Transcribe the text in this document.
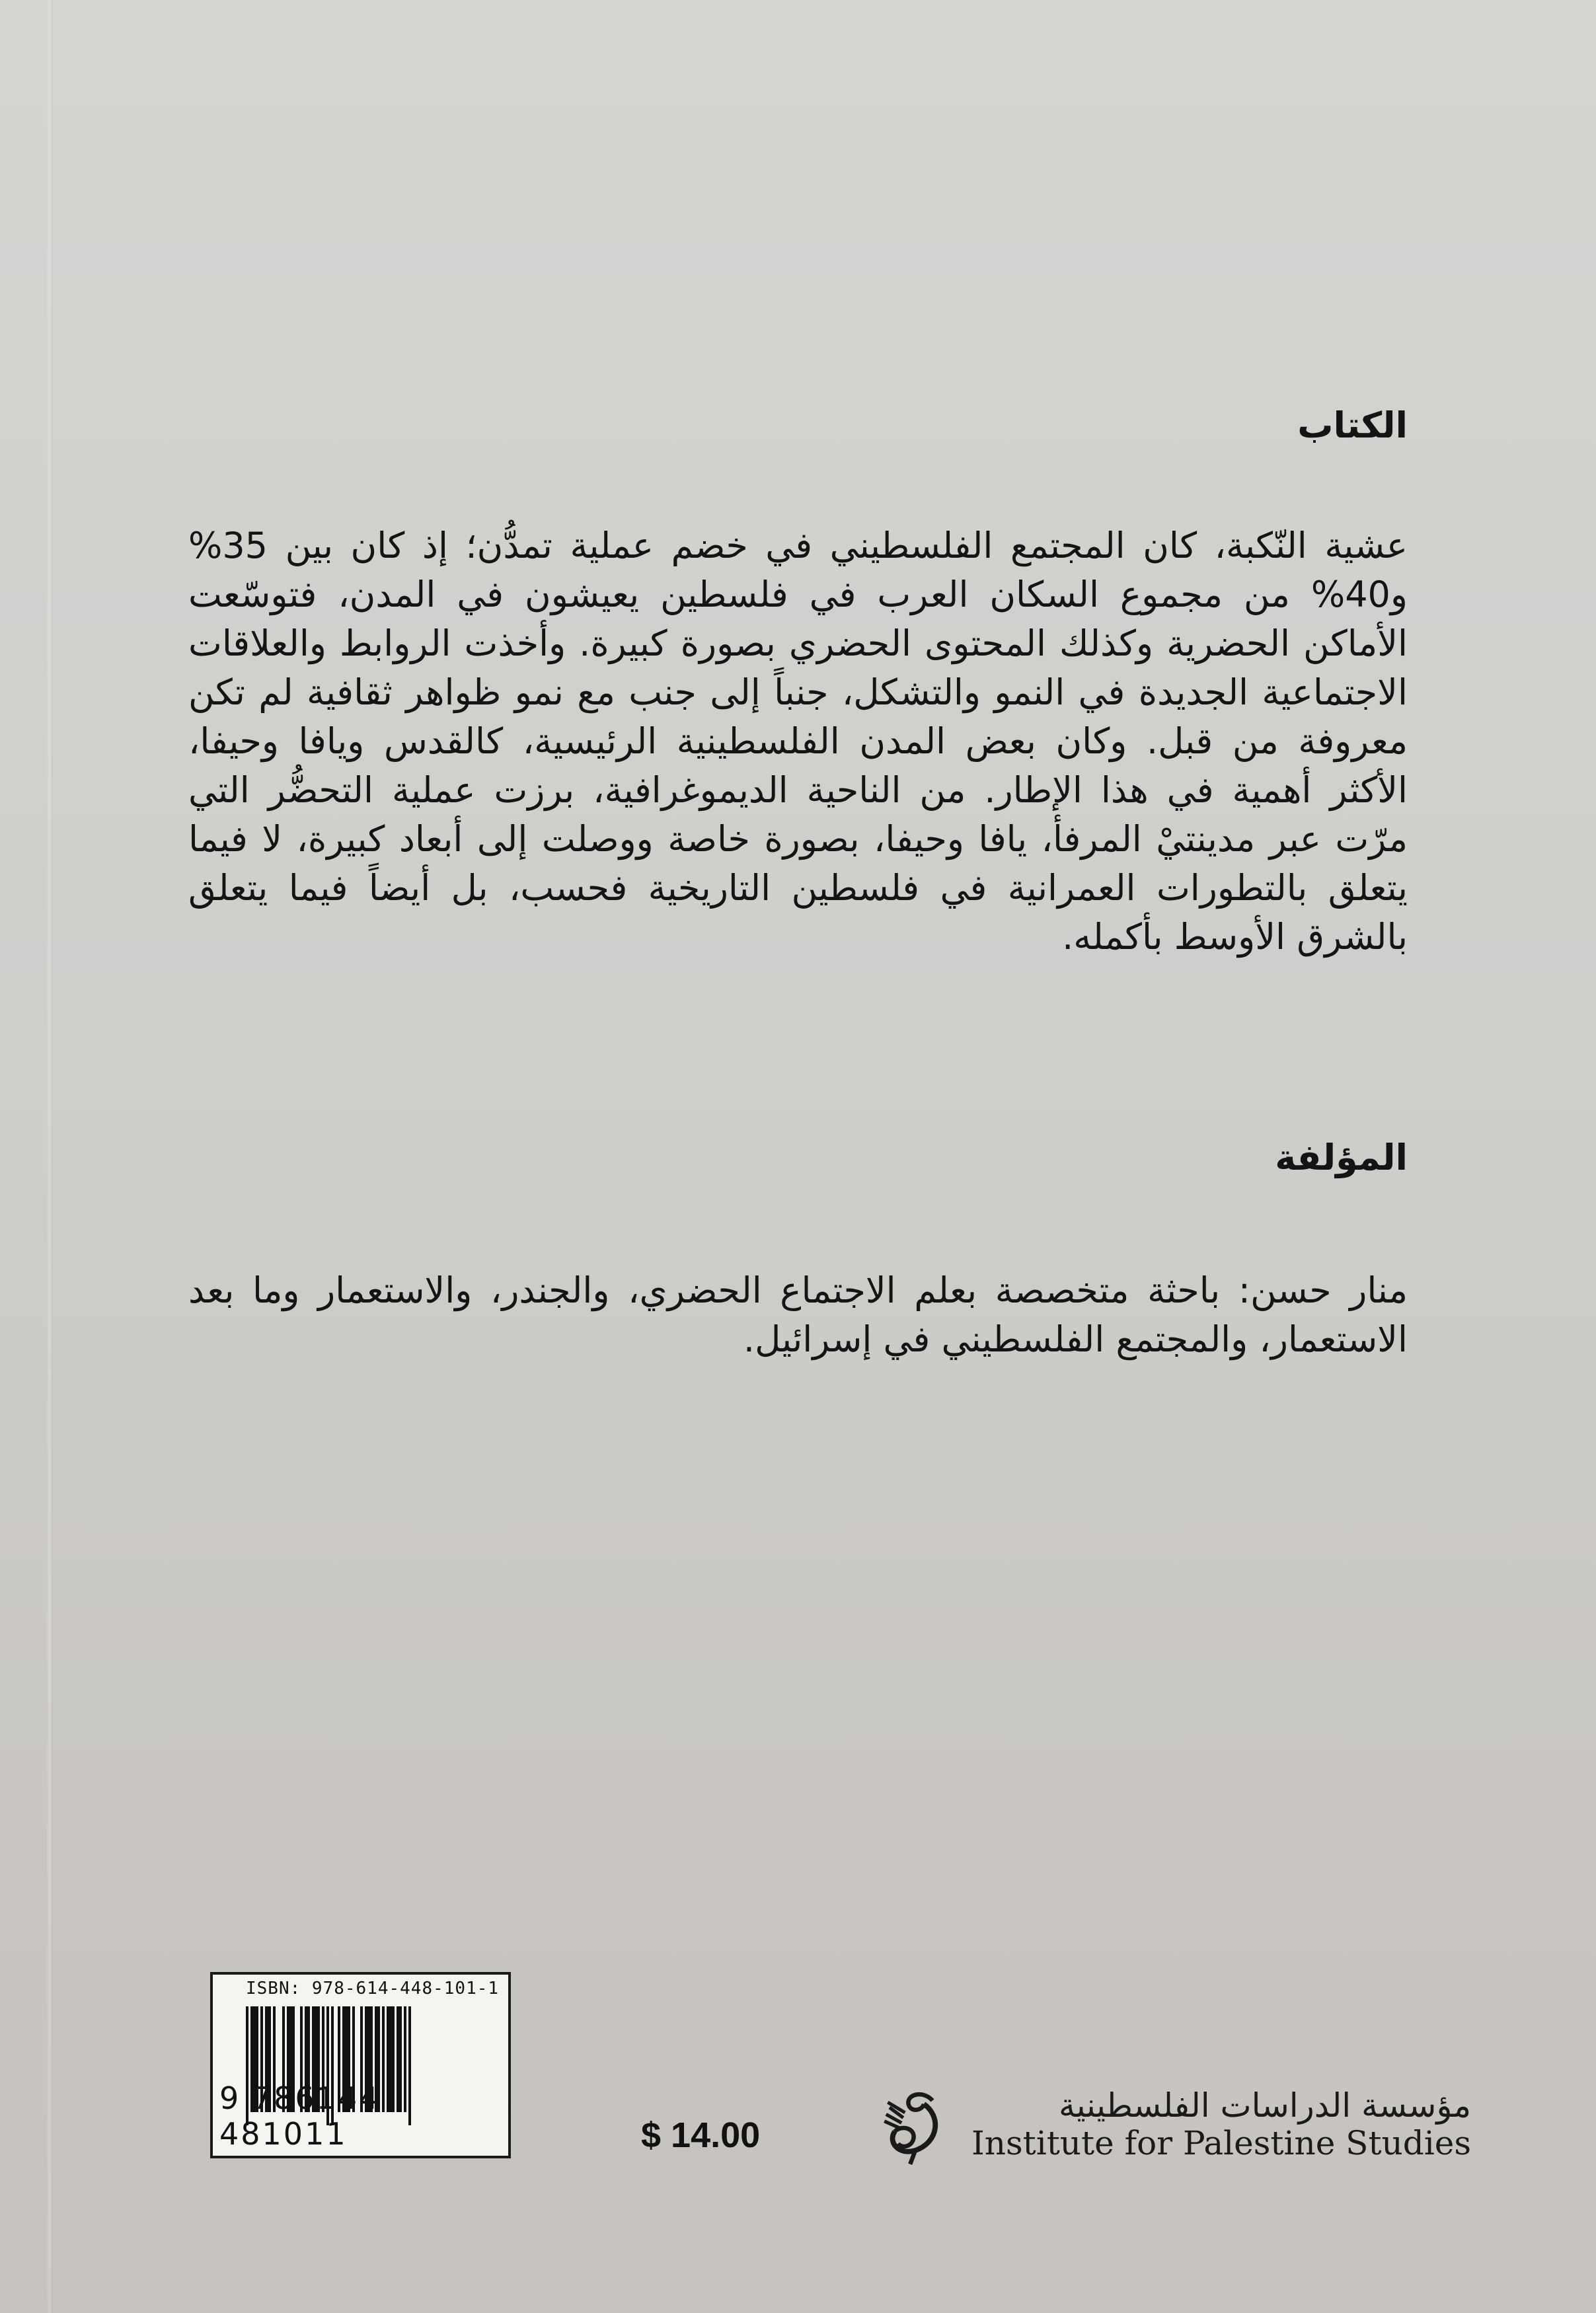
الكتاب

عشية النّكبة، كان المجتمع الفلسطيني في خضم عملية تمدُّن؛ إذ كان بين 35% و40% من مجموع السكان العرب في فلسطين يعيشون في المدن، فتوسّعت الأماكن الحضرية وكذلك المحتوى الحضري بصورة كبيرة. وأخذت الروابط والعلاقات الاجتماعية الجديدة في النمو والتشكل، جنباً إلى جنب مع نمو ظواهر ثقافية لم تكن معروفة من قبل. وكان بعض المدن الفلسطينية الرئيسية، كالقدس ويافا وحيفا، الأكثر أهمية في هذا الإطار. من الناحية الديموغرافية، برزت عملية التحضُّر التي مرّت عبر مدينتيْ المرفأ، يافا وحيفا، بصورة خاصة ووصلت إلى أبعاد كبيرة، لا فيما يتعلق بالتطورات العمرانية في فلسطين التاريخية فحسب، بل أيضاً فيما يتعلق بالشرق الأوسط بأكمله.

المؤلفة

منار حسن: باحثة متخصصة بعلم الاجتماع الحضري، والجندر، والاستعمار وما بعد الاستعمار، والمجتمع الفلسطيني في إسرائيل.

ISBN: 978-614-448-101-1
9 786144 481011	$ 14.00
مؤسسة الدراسات الفلسطينية
Institute for Palestine Studies
